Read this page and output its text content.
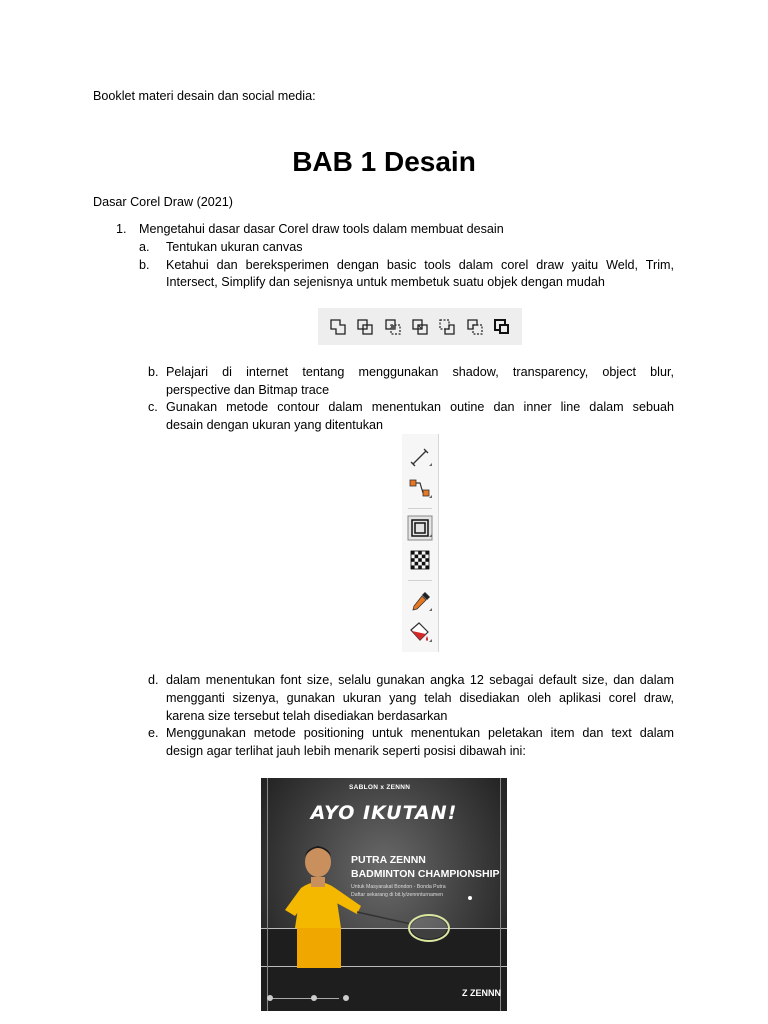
Booklet materi desain dan social media:
BAB 1 Desain
Dasar Corel Draw (2021)
1. Mengetahui dasar dasar Corel draw tools dalam membuat desain
a. Tentukan ukuran canvas
b. Ketahui dan bereksperimen dengan basic tools dalam corel draw yaitu Weld, Trim,
Intersect, Simplify dan sejenisnya untuk membetuk suatu objek dengan mudah
b. Pelajari di internet tentang menggunakan shadow, transparency, object blur,
perspective dan Bitmap trace
c. Gunakan metode contour dalam menentukan outine dan inner line dalam sebuah
desain dengan ukuran yang ditentukan
d. dalam menentukan font size, selalu gunakan angka 12 sebagai default size, dan dalam
mengganti sizenya, gunakan ukuran yang telah disediakan oleh aplikasi corel draw,
karena size tersebut telah disediakan berdasarkan
e. Menggunakan metode positioning untuk menentukan peletakan item dan text dalam
design agar terlihat jauh lebih menarik seperti posisi dibawah ini:
SABLON x ZENNN
AYO IKUTAN!
PUTRA ZENNN
BADMINTON CHAMPIONSHIP
Untuk Masyarakat Bondon - Bonda Putra
Daftar sekarang di bit.ly/zennnturnamen
Z ZENNN
